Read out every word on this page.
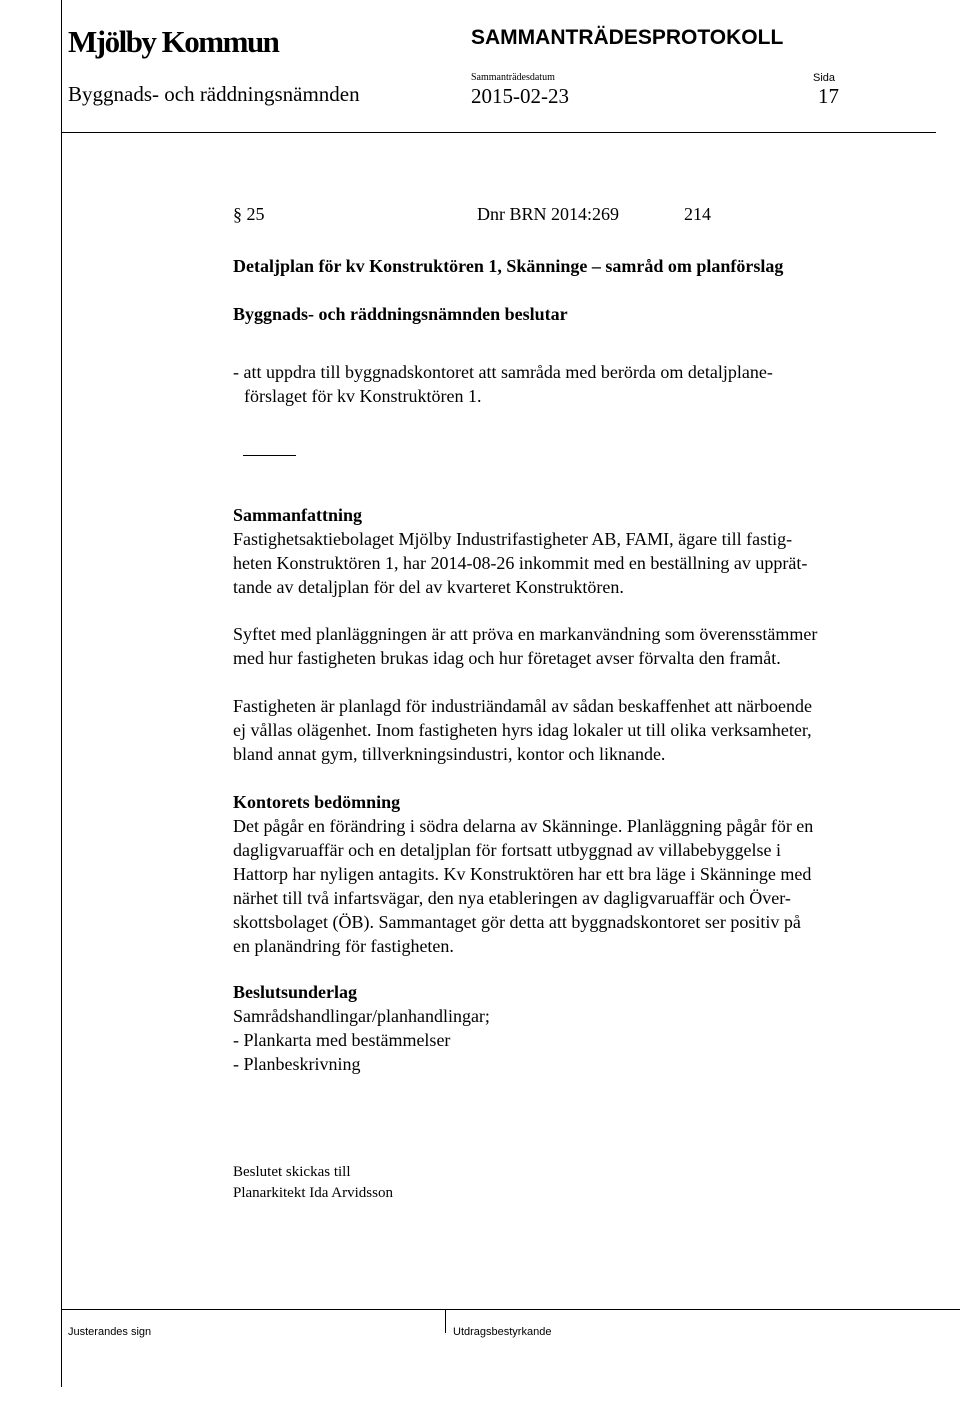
Mjölby Kommun	SAMMANTRÄDESPROTOKOLL
Byggnads- och räddningsnämnden
Sammanträdesdatum
2015-02-23
Sida
17
§ 25	Dnr BRN 2014:269	214
Detaljplan för kv Konstruktören 1, Skänninge – samråd om planförslag
Byggnads- och räddningsnämnden beslutar
- att uppdra till byggnadskontoret att samråda med berörda om detaljplane-
förslaget för kv Konstruktören 1.
Sammanfattning
Fastighetsaktiebolaget Mjölby Industrifastigheter AB, FAMI, ägare till fastig-
heten Konstruktören 1, har 2014-08-26 inkommit med en beställning av upprät-
tande av detaljplan för del av kvarteret Konstruktören.
Syftet med planläggningen är att pröva en markanvändning som överensstämmer
med hur fastigheten brukas idag och hur företaget avser förvalta den framåt.
Fastigheten är planlagd för industriändamål av sådan beskaffenhet att närboende
ej vållas olägenhet. Inom fastigheten hyrs idag lokaler ut till olika verksamheter,
bland annat gym, tillverkningsindustri, kontor och liknande.
Kontorets bedömning
Det pågår en förändring i södra delarna av Skänninge. Planläggning pågår för en
dagligvaruaffär och en detaljplan för fortsatt utbyggnad av villabebyggelse i
Hattorp har nyligen antagits. Kv Konstruktören har ett bra läge i Skänninge med
närhet till två infartsvägar, den nya etableringen av dagligvaruaffär och Över-
skottsbolaget (ÖB). Sammantaget gör detta att byggnadskontoret ser positiv på
en planändring för fastigheten.
Beslutsunderlag
Samrådshandlingar/planhandlingar;
- Plankarta med bestämmelser
- Planbeskrivning
Beslutet skickas till
Planarkitekt Ida Arvidsson
Justerandes sign	Utdragsbestyrkande
